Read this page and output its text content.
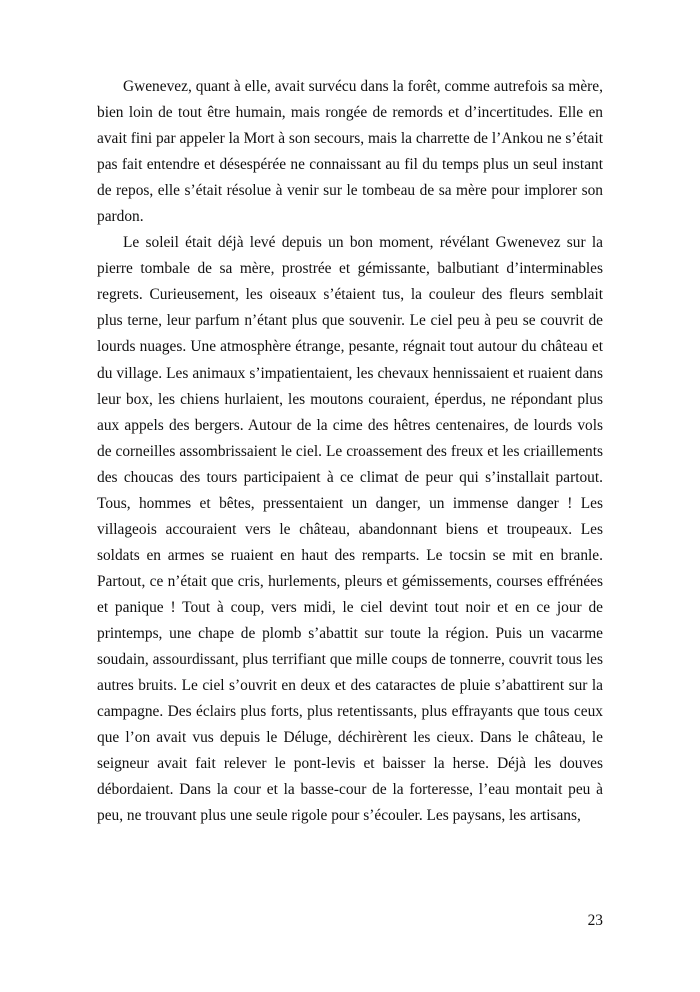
Gwenevez, quant à elle, avait survécu dans la forêt, comme autrefois sa mère, bien loin de tout être humain, mais rongée de remords et d’incertitudes. Elle en avait fini par appeler la Mort à son secours, mais la charrette de l’Ankou ne s’était pas fait entendre et désespérée ne connaissant au fil du temps plus un seul instant de repos, elle s’était résolue à venir sur le tombeau de sa mère pour implorer son pardon.

Le soleil était déjà levé depuis un bon moment, révélant Gwenevez sur la pierre tombale de sa mère, prostrée et gémissante, balbutiant d’interminables regrets. Curieusement, les oiseaux s’étaient tus, la couleur des fleurs semblait plus terne, leur parfum n’étant plus que souvenir. Le ciel peu à peu se couvrit de lourds nuages. Une atmosphère étrange, pesante, régnait tout autour du château et du village. Les animaux s’impatientaient, les chevaux hennissaient et ruaient dans leur box, les chiens hurlaient, les moutons couraient, éperdus, ne répondant plus aux appels des bergers. Autour de la cime des hêtres centenaires, de lourds vols de corneilles assombrissaient le ciel. Le croassement des freux et les criaillements des choucas des tours participaient à ce climat de peur qui s’installait partout. Tous, hommes et bêtes, pressentaient un danger, un immense danger ! Les villageois accouraient vers le château, abandonnant biens et troupeaux. Les soldats en armes se ruaient en haut des remparts. Le tocsin se mit en branle. Partout, ce n’était que cris, hurlements, pleurs et gémissements, courses effrénées et panique ! Tout à coup, vers midi, le ciel devint tout noir et en ce jour de printemps, une chape de plomb s’abattit sur toute la région. Puis un vacarme soudain, assourdissant, plus terrifiant que mille coups de tonnerre, couvrit tous les autres bruits. Le ciel s’ouvrit en deux et des cataractes de pluie s’abattirent sur la campagne. Des éclairs plus forts, plus retentissants, plus effrayants que tous ceux que l’on avait vus depuis le Déluge, déchirèrent les cieux. Dans le château, le seigneur avait fait relever le pont-levis et baisser la herse. Déjà les douves débordaient. Dans la cour et la basse-cour de la forteresse, l’eau montait peu à peu, ne trouvant plus une seule rigole pour s’écouler. Les paysans, les artisans,

23
